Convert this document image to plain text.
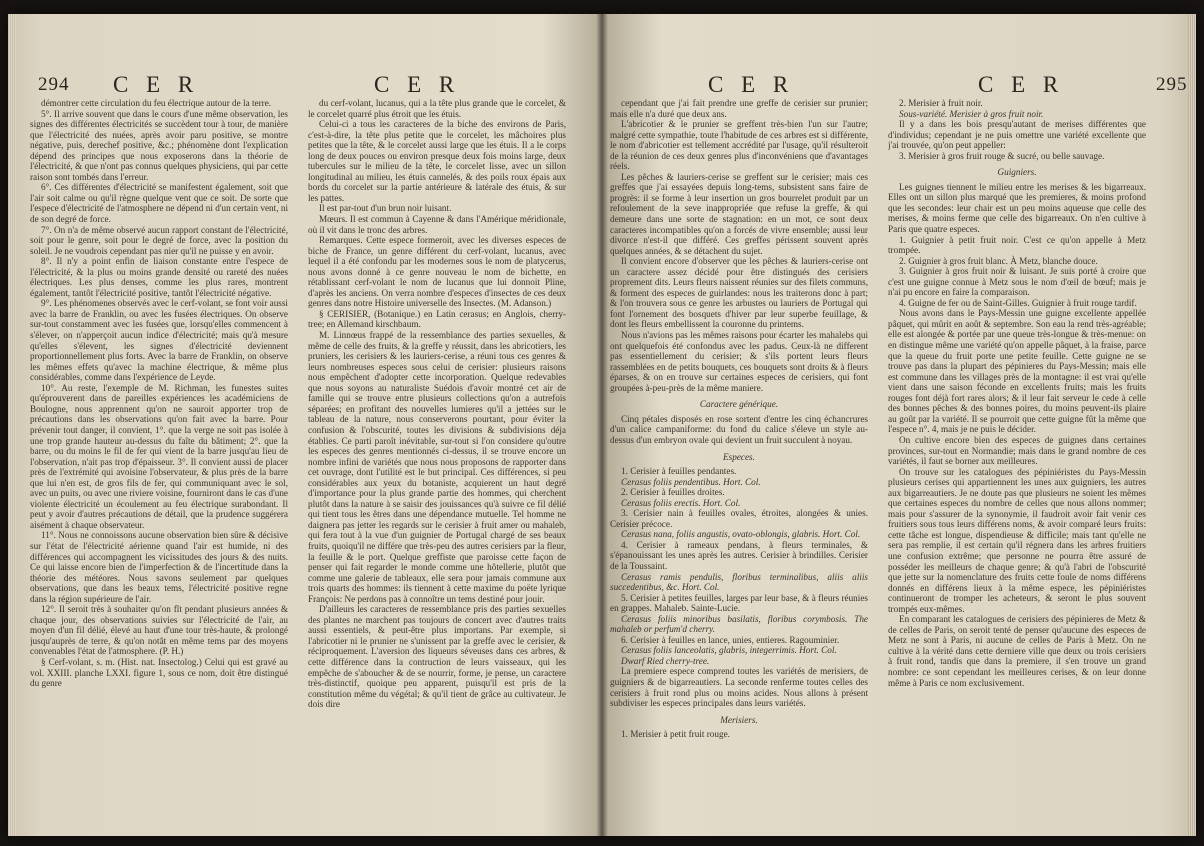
294 C E R	C E R

démontrer cette circulation du feu électrique autour de la terre.

5°. Il arrive souvent que dans le cours d'une même observation, les signes des différentes électricités se succèdent tour à tour, de manière que l'électricité des nuées, après avoir paru positive, se montre négative, puis, derechef positive, &c.; phénomène dont l'explication dépend des principes que nous exposerons dans la théorie de l'électricité, & que n'ont pas connus quelques physiciens, qui par cette raison sont tombés dans l'erreur.

6°. Ces différentes d'électricité se manifestent également, soit que l'air soit calme ou qu'il règne quelque vent que ce soit. De sorte que l'espece d'électricité de l'atmosphere ne dépend ni d'un certain vent, ni de son degré de force.

7°. On n'a de même observé aucun rapport constant de l'électricité, soit pour le genre, soit pour le degré de force, avec la position du soleil. Je ne voudrois cependant pas nier qu'il ne puisse y en avoir.

8°. Il n'y a point enfin de liaison constante entre l'espece de l'électricité, & la plus ou moins grande densité ou rareté des nuées électriques. Les plus denses, comme les plus rares, montrent également, tantôt l'électricité positive, tantôt l'électricité négative.

9°. Les phénomenes observés avec le cerf-volant, se font voir aussi avec la barre de Franklin, ou avec les fusées électriques. On observe sur-tout constamment avec les fusées que, lorsqu'elles commencent à s'élever, on n'apperçoit aucun indice d'électricité; mais qu'à mesure qu'elles s'élevent, les signes d'électricité deviennent proportionnellement plus forts. Avec la barre de Franklin, on observe les mêmes effets qu'avec la machine électrique, & même plus considérables, comme dans l'expérience de Leyde.

10°. Au reste, l'exemple de M. Richman, les funestes suites qu'éprouverent dans de pareilles expériences les académiciens de Boulogne, nous apprennent qu'on ne sauroit apporter trop de précautions dans les observations qu'on fait avec la barre. Pour prévenir tout danger, il convient, 1°. que la verge ne soit pas isolée à une trop grande hauteur au-dessus du faîte du bâtiment; 2°. que la barre, ou du moins le fil de fer qui vient de la barre jusqu'au lieu de l'observation, n'ait pas trop d'épaisseur. 3°. Il convient aussi de placer près de l'extrémité qui avoisine l'observateur, & plus près de la barre que lui n'en est, de gros fils de fer, qui communiquant avec le sol, avec un puits, ou avec une riviere voisine, fourniront dans le cas d'une violente électricité un écoulement au feu électrique surabondant. Il peut y avoir d'autres précautions de détail, que la prudence suggérera aisément à chaque observateur.

11°. Nous ne connoissons aucune observation bien sûre & décisive sur l'état de l'électricité aérienne quand l'air est humide, ni des différences qui accompagnent les vicissitudes des jours & des nuits. Ce qui laisse encore bien de l'imperfection & de l'incertitude dans la théorie des météores. Nous savons seulement par quelques observations, que dans les beaux tems, l'électricité positive regne dans la région supérieure de l'air.

12°. Il seroit très à souhaiter qu'on fît pendant plusieurs années & chaque jour, des observations suivies sur l'électricité de l'air, au moyen d'un fil délié, élevé au haut d'une tour très-haute, & prolongé jusqu'auprès de terre, & qu'on notât en même tems par des moyens convenables l'état de l'atmosphere. (P. H.)

§ Cerf-volant, s. m. (Hist. nat. Insectolog.) Celui qui est gravé au vol. XXIII. planche LXXI. figure 1, sous ce nom, doit être distingué du genre

du cerf-volant, lucanus, qui a la tête plus grande que le corcelet, & le corcelet quarré plus étroit que les étuis.

Celui-ci a tous les caracteres de la biche des environs de Paris, c'est-à-dire, la tête plus petite que le corcelet, les mâchoires plus petites que la tête, & le corcelet aussi large que les étuis. Il a le corps long de deux pouces ou environ presque deux fois moins large, deux tubercules sur le milieu de la tête, le corcelet lisse, avec un sillon longitudinal au milieu, les étuis cannelés, & des poils roux épais aux bords du corcelet sur la partie antérieure & latérale des étuis, & sur les pattes.

Il est par-tout d'un brun noir luisant.

Mœurs. Il est commun à Cayenne & dans l'Amérique méridionale, où il vit dans le tronc des arbres.

Remarques. Cette espece formeroit, avec les diverses especes de biche de France, un genre différent du cerf-volant, lucanus, avec lequel il a été confondu par les modernes sous le nom de platycerus, nous avons donné à ce genre nouveau le nom de bichette, en rétablissant cerf-volant le nom de lucanus que lui donnoit Pline, d'après les anciens. On verra nombre d'especes d'insectes de ces deux genres dans notre Histoire universelle des Insectes. (M. Adanson.)

§ CERISIER, (Botanique.) en Latin cerasus; en Anglois, cherry-tree; en Allemand kirschbaum.

M. Linnœus frappé de la ressemblance des parties sexuelles, & même de celle des fruits, & la greffe y réussit, dans les abricotiers, les pruniers, les cerisiers & les lauriers-cerise, a réuni tous ces genres & leurs nombreuses especes sous celui de cerisier: plusieurs raisons nous empêchent d'adopter cette incorporation. Quelque redevables que nous soyons au naturaliste Suédois d'avoir montré cet air de famille qui se trouve entre plusieurs collections qu'on a autrefois séparées; en profitant des nouvelles lumieres qu'il a jettées sur le tableau de la nature, nous conserverons pourtant, pour éviter la confusion & l'obscurité, toutes les divisions & subdivisions déja établies. Ce parti paroît inévitable, sur-tout si l'on considere qu'outre les especes des genres mentionnés ci-dessus, il se trouve encore un nombre infini de variétés que nous nous proposons de rapporter dans cet ouvrage, dont l'utilité est le but principal. Ces différences, si peu considérables aux yeux du botaniste, acquierent un haut degré d'importance pour la plus grande partie des hommes, qui cherchent plutôt dans la nature à se saisir des jouissances qu'à suivre ce fil délié qui tient tous les êtres dans une dépendance mutuelle. Tel homme ne daignera pas jetter les regards sur le cerisier à fruit amer ou mahaleb, qui fera tout à la vue d'un guignier de Portugal chargé de ses beaux fruits, quoiqu'il ne différe que très-peu des autres cerisiers par la fleur, la feuille & le port. Quelque greffiste que paroisse cette façon de penser qui fait regarder le monde comme une hôtellerie, plutôt que comme une galerie de tableaux, elle sera pour jamais commune aux trois quarts des hommes: ils tiennent à cette maxime du poëte lyrique François: Ne perdons pas à connoître un tems destiné pour jouir.

D'ailleurs les caracteres de ressemblance pris des parties sexuelles des plantes ne marchent pas toujours de concert avec d'autres traits aussi essentiels, & peut-être plus importans. Par exemple, si l'abricotier ni le prunier ne s'unissent par la greffe avec le cerisier, & réciproquement. L'aversion des liqueurs séveuses dans ces arbres, & cette différence dans la contruction de leurs vaisseaux, qui les empêche de s'aboucher & de se nourrir, forme, je pense, un caractere très-distinctif, quoique peu apparent, puisqu'il est pris de la constitution même du végétal; & qu'il tient de grâce au cultivateur. Je dois dire

C E R	C E R	295

cependant que j'ai fait prendre une greffe de cerisier sur prunier; mais elle n'a duré que deux ans.

L'abricotier & le prunier se greffent très-bien l'un sur l'autre; malgré cette sympathie, toute l'habitude de ces arbres est si différente, le nom d'abricotier est tellement accrédité par l'usage, qu'il résulteroit de la réunion de ces deux genres plus d'inconvéniens que d'avantages réels.

Les pêches & lauriers-cerise se greffent sur le cerisier; mais ces greffes que j'ai essayées depuis long-tems, subsistent sans faire de progrès: il se forme à leur insertion un gros bourrelet produit par un refoulement de la seve inappropriée que refuse la greffe, & qui demeure dans une sorte de stagnation: en un mot, ce sont deux caracteres incompatibles qu'on a forcés de vivre ensemble; aussi leur divorce n'est-il que différé. Ces greffes périssent souvent après quelques années, & se détachent du sujet.

Il convient encore d'observer que les pêches & lauriers-cerise ont un caractere assez décidé pour être distingués des cerisiers proprement dits. Leurs fleurs naissent réunies sur des filets communs, & forment des especes de guirlandes: nous les traiterons donc à part; & l'on trouvera sous ce genre les arbustes ou lauriers de Portugal qui font l'ornement des bosquets d'hiver par leur superbe feuillage, & dont les fleurs embellissent la couronne du printems.

Nous n'avions pas les mêmes raisons pour écarter les mahalebs qui ont quelquefois été confondus avec les padus. Ceux-là ne different pas essentiellement du cerisier; & s'ils portent leurs fleurs rassemblées en de petits bouquets, ces bouquets sont droits & à fleurs éparses, & on en trouve sur certaines especes de cerisiers, qui font groupées à-peu-près de la même maniere.

Caractere générique.

Cinq pétales disposés en rose sortent d'entre les cinq échancrures d'un calice campaniforme: du fond du calice s'éleve un style au-dessus d'un embryon ovale qui devient un fruit succulent à noyau.

Especes.

1. Cerisier à feuilles pendantes.

Cerasus foliis pendentibus. Hort. Col.

2. Cerisier à feuilles droites.

Cerasus foliis erectis. Hort. Col.

3. Cerisier nain à feuilles ovales, étroites, alongées & unies. Cerisier précoce.

Cerasus nana, foliis angustis, ovato-oblongis, glabris. Hort. Col.

4. Cerisier à rameaux pendans, à fleurs terminales, & s'épanouissant les unes après les autres. Cerisier à brindilles. Cerisier de la Toussaint.

Cerasus ramis pendulis, floribus terminalibus, aliis aliis succedentibus, &c. Hort. Col.

5. Cerisier à petites feuilles, larges par leur base, & à fleurs réunies en grappes. Mahaleb. Sainte-Lucie.

Cerasus foliis minoribus basilatis, floribus corymbosis. The mahaleb or perfum'd cherry.

6. Cerisier à feuilles en lance, unies, entieres. Ragouminier.

Cerasus foliis lanceolatis, glabris, integerrimis. Hort. Col.

Dwarf Ried cherry-tree.

La premiere espece comprend toutes les variétés de merisiers, de guigniers & de bigarreautiers. La seconde renferme toutes celles des cerisiers à fruit rond plus ou moins acides. Nous allons à présent subdiviser les especes principales dans leurs variétés.

Merisiers.

1. Merisier à petit fruit rouge.

2. Merisier à fruit noir.

Sous-variété. Merisier à gros fruit noir.

Il y a dans les bois presqu'autant de merises différentes que d'individus; cependant je ne puis omettre une variété excellente que j'ai trouvée, qu'on peut appeller:

3. Merisier à gros fruit rouge & sucré, ou belle sauvage.

Guigniers.

Les guignes tiennent le milieu entre les merises & les bigarreaux. Elles ont un sillon plus marqué que les premieres, & moins profond que les secondes: leur chair est un peu moins aqueuse que celle des merises, & moins ferme que celle des bigarreaux. On n'en cultive à Paris que quatre especes.

1. Guignier à petit fruit noir. C'est ce qu'on appelle à Metz trompée.

2. Guignier à gros fruit blanc. À Metz, blanche douce.

3. Guignier à gros fruit noir & luisant. Je suis porté à croire que c'est une guigne connue à Metz sous le nom d'œil de bœuf; mais je n'ai pu encore en faire la comparaison.

4. Guigne de fer ou de Saint-Gilles. Guignier à fruit rouge tardif.

Nous avons dans le Pays-Messin une guigne excellente appellée pâquet, qui mûrit en août & septembre. Son eau la rend très-agréable; elle est alongée & portée par une queue très-longue & très-menue: on en distingue même une variété qu'on appelle pâquet, à la fraise, parce que la queue du fruit porte une petite feuille. Cette guigne ne se trouve pas dans la plupart des pépinieres du Pays-Messin; mais elle est commune dans les villages près de la montagne: il est vrai qu'elle vient dans une saison féconde en excellents fruits; mais les fruits rouges font déjà fort rares alors; & il leur fait serveur le cede à celle des bonnes pêches & des bonnes poires, du moins peuvent-ils plaire au goût par la variété. Il se pourroit que cette guigne fût la même que l'espece n°. 4, mais je ne puis le décider.

On cultive encore bien des especes de guignes dans certaines provinces, sur-tout en Normandie; mais dans le grand nombre de ces variétés, il faut se borner aux meilleures.

On trouve sur les catalogues des pépiniéristes du Pays-Messin plusieurs cerises qui appartiennent les unes aux guigniers, les autres aux bigarreautiers. Je ne doute pas que plusieurs ne soient les mêmes que certaines especes du nombre de celles que nous allons nommer; mais pour s'assurer de la synonymie, il faudroit avoir fait venir ces fruitiers sous tous leurs différens noms, & avoir comparé leurs fruits: cette tâche est longue, dispendieuse & difficile; mais tant qu'elle ne sera pas remplie, il est certain qu'il régnera dans les arbres fruitiers une confusion extrême; que personne ne pourra être assuré de posséder les meilleurs de chaque genre; & qu'à l'abri de l'obscurité que jette sur la nomenclature des fruits cette foule de noms différens donnés en différens lieux à la même espece, les pépiniéristes continueront de tromper les acheteurs, & seront le plus souvent trompés eux-mêmes.

En comparant les catalogues de cerisiers des pépinieres de Metz & de celles de Paris, on seroit tenté de penser qu'aucune des especes de Metz ne sont à Paris, ni aucune de celles de Paris à Metz. On ne cultive à la vérité dans cette derniere ville que deux ou trois cerisiers à fruit rond, tandis que dans la premiere, il s'en trouve un grand nombre: ce sont cependant les meilleures cerises, & on leur donne même à Paris ce nom exclusivement.
